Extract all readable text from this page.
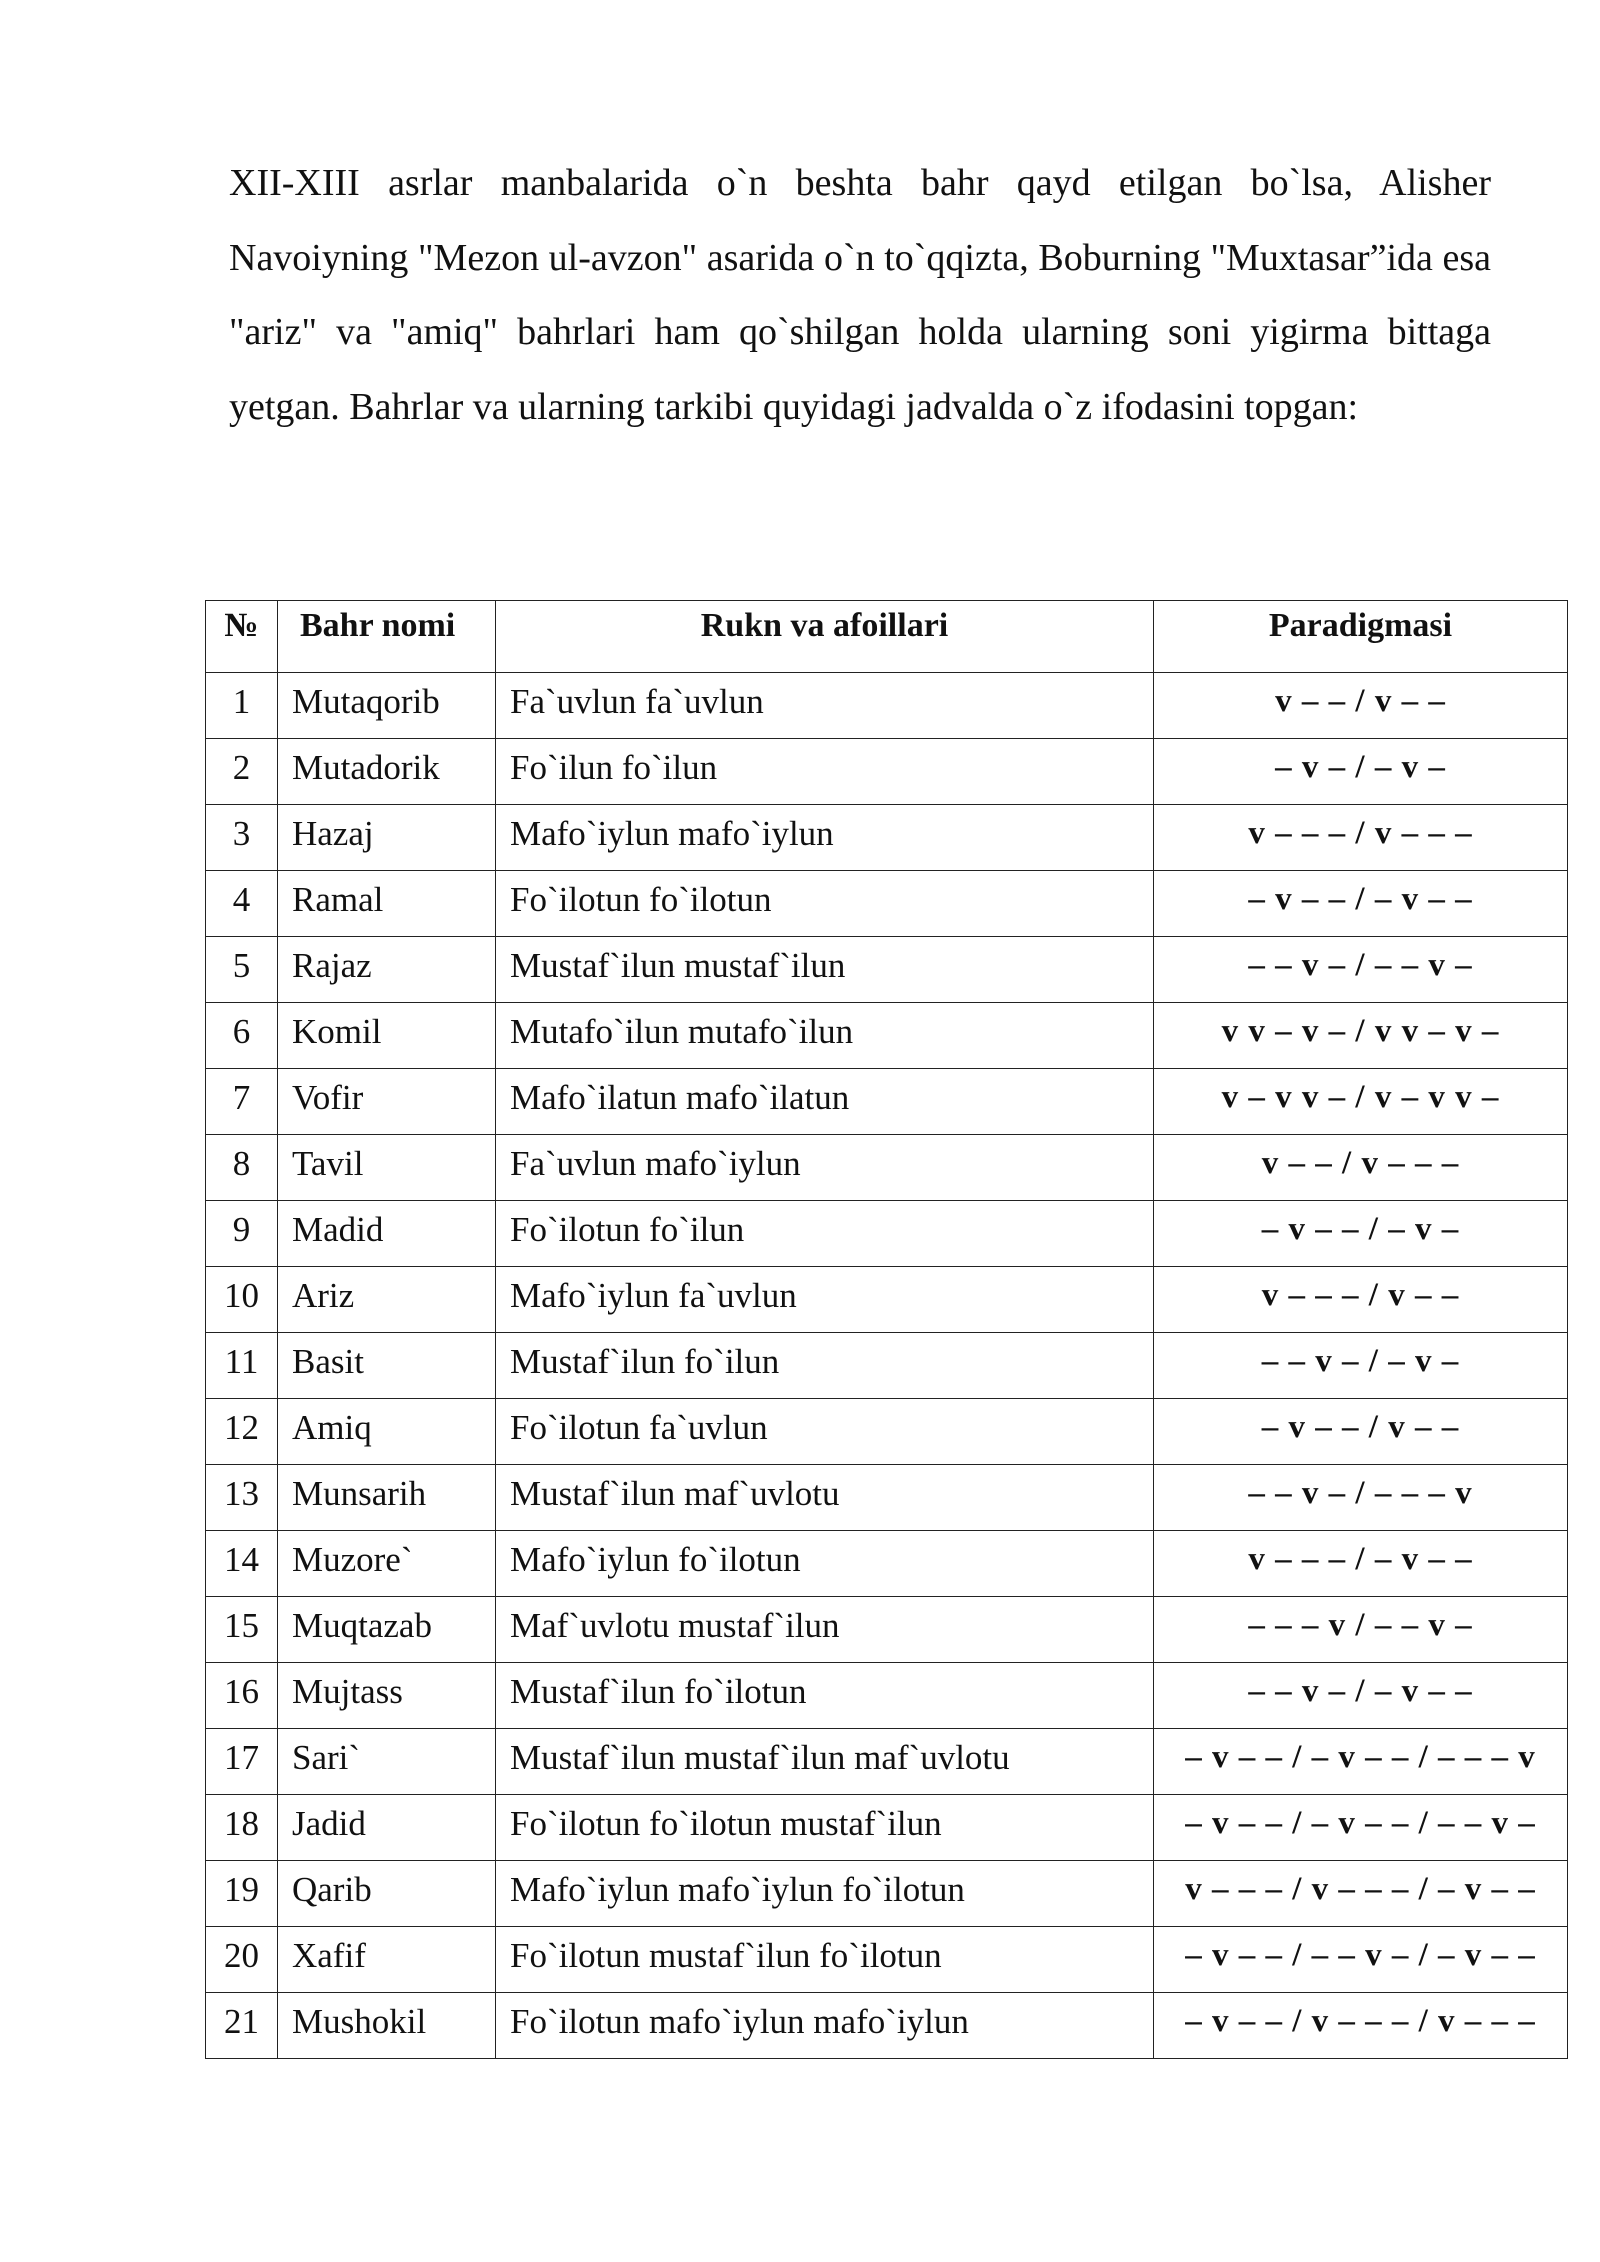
XII-XIII asrlar manbalarida o`n beshta bahr qayd etilgan bo`lsa, Alisher Navoiyning "Mezon ul-avzon" asarida o`n to`qqizta, Boburning "Muxtasar”ida esa "ariz" va "amiq" bahrlari ham qo`shilgan holda ularning soni yigirma bittaga yetgan. Bahrlar va ularning tarkibi quyidagi jadvalda o`z ifodasini topgan:

№	Bahr nomi	Rukn va afoillari	Paradigmasi
1	Mutaqorib	Fa`uvlun fa`uvlun	v – – / v – –
2	Mutadorik	Fo`ilun fo`ilun	– v – / – v –
3	Hazaj	Mafo`iylun mafo`iylun	v – – – / v – – –
4	Ramal	Fo`ilotun fo`ilotun	– v – – / – v – –
5	Rajaz	Mustaf`ilun mustaf`ilun	– – v – / – – v –
6	Komil	Mutafo`ilun mutafo`ilun	v v – v – / v v – v –
7	Vofir	Mafo`ilatun mafo`ilatun	v – v v – / v – v v –
8	Tavil	Fa`uvlun mafo`iylun	v – – / v – – –
9	Madid	Fo`ilotun fo`ilun	– v – – / – v –
10	Ariz	Mafo`iylun fa`uvlun	v – – – / v – –
11	Basit	Mustaf`ilun fo`ilun	– – v – / – v –
12	Amiq	Fo`ilotun fa`uvlun	– v – – / v – –
13	Munsarih	Mustaf`ilun maf`uvlotu	– – v – / – – – v
14	Muzore`	Mafo`iylun fo`ilotun	v – – – / – v – –
15	Muqtazab	Maf`uvlotu mustaf`ilun	– – – v / – – v –
16	Mujtass	Mustaf`ilun fo`ilotun	– – v – / – v – –
17	Sari`	Mustaf`ilun mustaf`ilun maf`uvlotu	– v – – / – v – – / – – – v
18	Jadid	Fo`ilotun fo`ilotun mustaf`ilun	– v – – / – v – – / – – v –
19	Qarib	Mafo`iylun mafo`iylun fo`ilotun	v – – – / v – – – / – v – –
20	Xafif	Fo`ilotun mustaf`ilun fo`ilotun	– v – – / – – v – / – v – –
21	Mushokil	Fo`ilotun mafo`iylun mafo`iylun	– v – – / v – – – / v – – –
